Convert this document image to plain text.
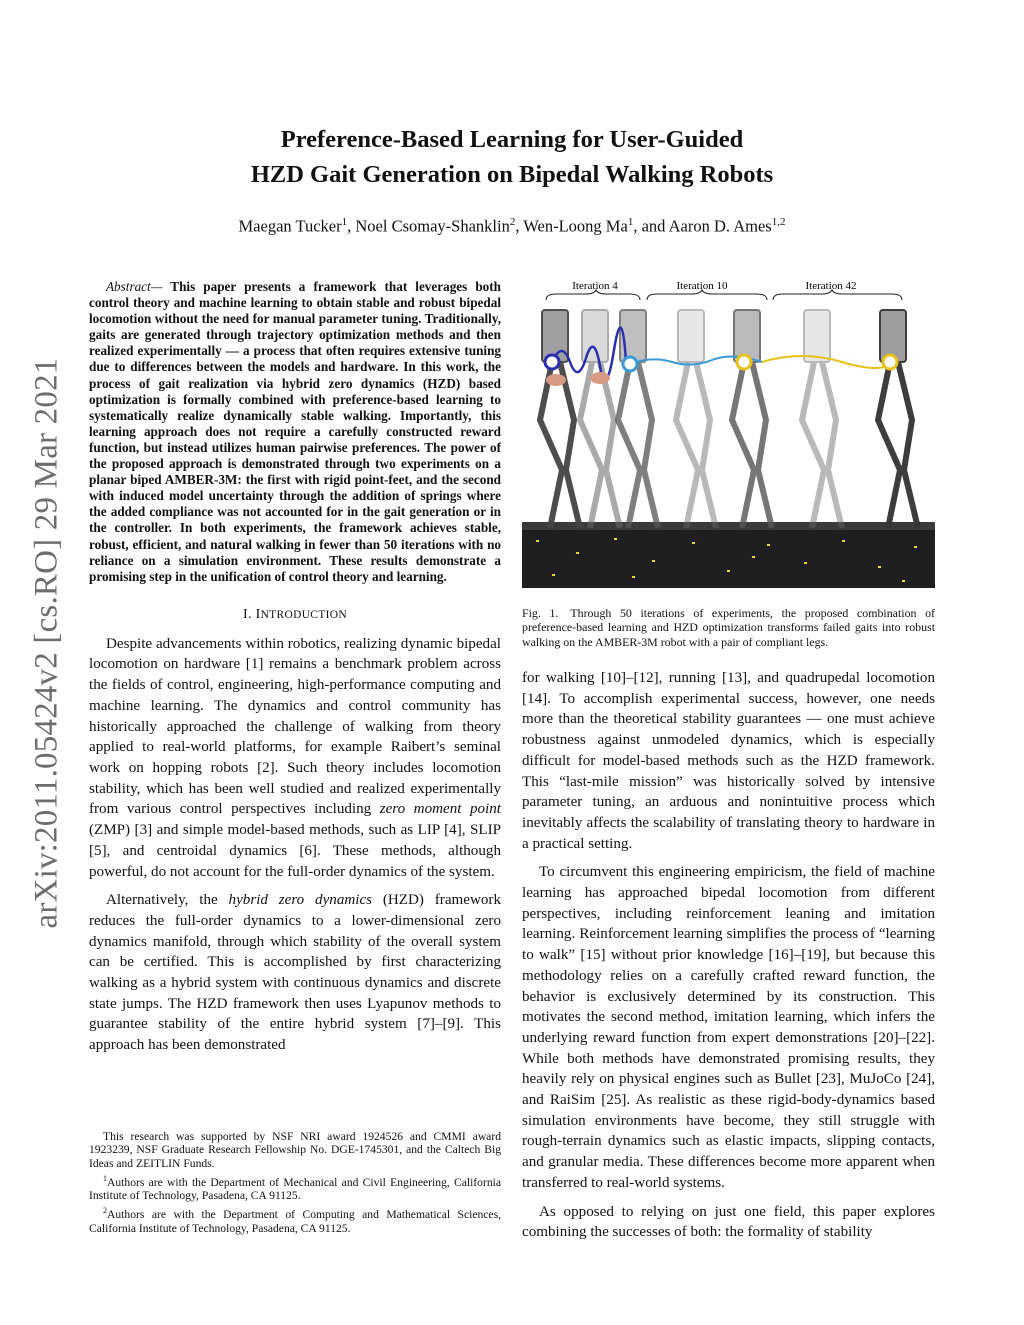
arXiv:2011.05424v2 [cs.RO] 29 Mar 2021
Preference-Based Learning for User-Guided
HZD Gait Generation on Bipedal Walking Robots
Maegan Tucker$^1$, Noel Csomay-Shanklin$^2$, Wen-Loong Ma$^1$, and Aaron D. Ames$^{1,2}$

Abstract— This paper presents a framework that leverages both control theory and machine learning to obtain stable and robust bipedal locomotion without the need for manual parameter tuning. Traditionally, gaits are generated through trajectory optimization methods and then realized experimentally — a process that often requires extensive tuning due to differences between the models and hardware. In this work, the process of gait realization via hybrid zero dynamics (HZD) based optimization is formally combined with preference-based learning to systematically realize dynamically stable walking. Importantly, this learning approach does not require a carefully constructed reward function, but instead utilizes human pairwise preferences. The power of the proposed approach is demonstrated through two experiments on a planar biped AMBER-3M: the first with rigid point-feet, and the second with induced model uncertainty through the addition of springs where the added compliance was not accounted for in the gait generation or in the controller. In both experiments, the framework achieves stable, robust, efficient, and natural walking in fewer than 50 iterations with no reliance on a simulation environment. These results demonstrate a promising step in the unification of control theory and learning.

I. INTRODUCTION

Despite advancements within robotics, realizing dynamic bipedal locomotion on hardware [1] remains a benchmark problem across the fields of control, engineering, high-performance computing and machine learning. The dynamics and control community has historically approached the challenge of walking from theory applied to real-world platforms, for example Raibert’s seminal work on hopping robots [2]. Such theory includes locomotion stability, which has been well studied and realized experimentally from various control perspectives including zero moment point (ZMP) [3] and simple model-based methods, such as LIP [4], SLIP [5], and centroidal dynamics [6]. These methods, although powerful, do not account for the full-order dynamics of the system.

Alternatively, the hybrid zero dynamics (HZD) framework reduces the full-order dynamics to a lower-dimensional zero dynamics manifold, through which stability of the overall system can be certified. This is accomplished by first characterizing walking as a hybrid system with continuous dynamics and discrete state jumps. The HZD framework then uses Lyapunov methods to guarantee stability of the entire hybrid system [7]–[9]. This approach has been demonstrated

This research was supported by NSF NRI award 1924526 and CMMI award 1923239, NSF Graduate Research Fellowship No. DGE-1745301, and the Caltech Big Ideas and ZEITLIN Funds.

$^1$Authors are with the Department of Mechanical and Civil Engineering, California Institute of Technology, Pasadena, CA 91125.

$^2$Authors are with the Department of Computing and Mathematical Sciences, California Institute of Technology, Pasadena, CA 91125.

Iteration 4	Iteration 10	Iteration 42
Fig. 1. Through 50 iterations of experiments, the proposed combination of preference-based learning and HZD optimization transforms failed gaits into robust walking on the AMBER-3M robot with a pair of compliant legs.

for walking [10]–[12], running [13], and quadrupedal locomotion [14]. To accomplish experimental success, however, one needs more than the theoretical stability guarantees — one must achieve robustness against unmodeled dynamics, which is especially difficult for model-based methods such as the HZD framework. This “last-mile mission” was historically solved by intensive parameter tuning, an arduous and nonintuitive process which inevitably affects the scalability of translating theory to hardware in a practical setting.

To circumvent this engineering empiricism, the field of machine learning has approached bipedal locomotion from different perspectives, including reinforcement leaning and imitation learning. Reinforcement learning simplifies the process of “learning to walk” [15] without prior knowledge [16]–[19], but because this methodology relies on a carefully crafted reward function, the behavior is exclusively determined by its construction. This motivates the second method, imitation learning, which infers the underlying reward function from expert demonstrations [20]–[22]. While both methods have demonstrated promising results, they heavily rely on physical engines such as Bullet [23], MuJoCo [24], and RaiSim [25]. As realistic as these rigid-body-dynamics based simulation environments have become, they still struggle with rough-terrain dynamics such as elastic impacts, slipping contacts, and granular media. These differences become more apparent when transferred to real-world systems.

As opposed to relying on just one field, this paper explores combining the successes of both: the formality of stability
